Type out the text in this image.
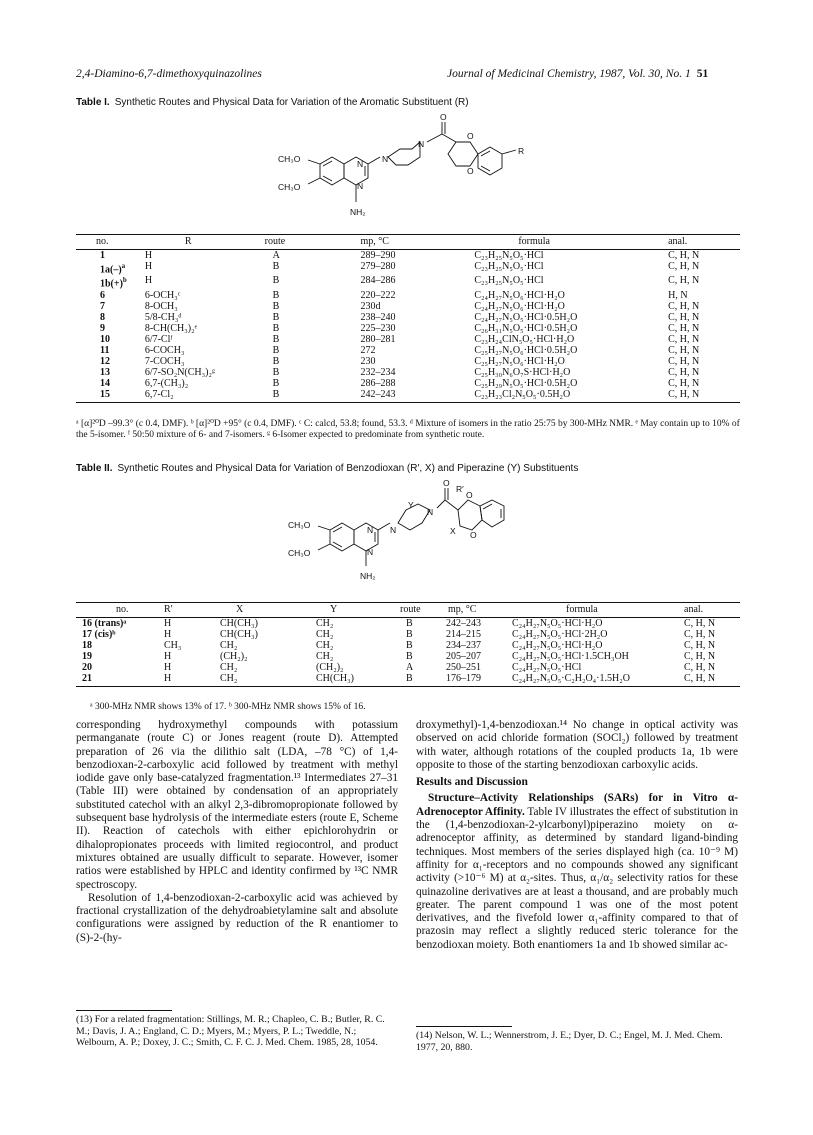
2,4-Diamino-6,7-dimethoxyquinazolines	Journal of Medicinal Chemistry, 1987, Vol. 30, No. 1 51
Table I. Synthetic Routes and Physical Data for Variation of the Aromatic Substituent (R)
CH₃O
CH₃O
NH₂
N
N
N
N
O
O
O
R
no.	R	route	mp, °C	formula	anal.
1	H	A	289–290	C₂₃H₂₅N₅O₅·HCl	C, H, N
$1a(-)^a$	H	B	279–280	C₂₃H₂₅N₅O₅·HCl	C, H, N
$1b(+)^b$	H	B	284–286	C₂₃H₂₅N₅O₅·HCl	C, H, N
6	6-OCH₃ᶜ	B	220–222	C₂₄H₂₇N₅O₆·HCl·H₂O	H, N
7	8-OCH₃	B	230d	C₂₄H₂₇N₅O₆·HCl·H₂O	C, H, N
8	5/8-CH₃ᵈ	B	238–240	C₂₄H₂₇N₅O₅·HCl·0.5H₂O	C, H, N
9	8-CH(CH₃)₂ᵉ	B	225–230	C₂₆H₃₁N₅O₅·HCl·0.5H₂O	C, H, N
10	6/7-Clᶠ	B	280–281	C₂₃H₂₄ClN₅O₅·HCl·H₂O	C, H, N
11	6-COCH₃	B	272	C₂₅H₂₇N₅O₆·HCl·0.5H₂O	C, H, N
12	7-COCH₃	B	230	C₂₅H₂₇N₅O₆·HCl·H₂O	C, H, N
13	6/7-SO₂N(CH₃)₂ᵍ	B	232–234	C₂₅H₃₀N₆O₇S·HCl·H₂O	C, H, N
14	6,7-(CH₃)₂	B	286–288	C₂₅H₂₉N₅O₅·HCl·0.5H₂O	C, H, N
15	6,7-Cl₂	B	242–243	C₂₃H₂₃Cl₂N₅O₅·0.5H₂O	C, H, N
ᵃ [α]²⁰D –99.3° (c 0.4, DMF). ᵇ [α]²⁰D +95° (c 0.4, DMF). ᶜ C: calcd, 53.8; found, 53.3. ᵈ Mixture of isomers in the ratio 25:75 by 300-MHz NMR. ᵉ May contain up to 10% of the 5-isomer. ᶠ 50:50 mixture of 6- and 7-isomers. ᵍ 6-Isomer expected to predominate from synthetic route.
Table II. Synthetic Routes and Physical Data for Variation of Benzodioxan (R′, X) and Piperazine (Y) Substituents
CH₃O
CH₃O
NH₂
N
N
N
N
Y
O
R′
O
X O
no.	R′	X	Y	route	mp, °C	formula	anal.
16 (trans)ᵃ	H	CH(CH₃)	CH₂	B	242–243	C₂₄H₂₇N₅O₅·HCl·H₂O	C, H, N
17 (cis)ᵇ	H	CH(CH₃)	CH₂	B	214–215	C₂₄H₂₇N₅O₅·HCl·2H₂O	C, H, N
18	CH₃	CH₂	CH₂	B	234–237	C₂₄H₂₇N₅O₅·HCl·H₂O	C, H, N
19	H	(CH₂)₂	CH₂	B	205–207	C₂₄H₂₇N₅O₅·HCl·1.5CH₃OH	C, H, N
20	H	CH₂	(CH₂)₂	A	250–251	C₂₄H₂₇N₅O₅·HCl	C, H, N
21	H	CH₂	CH(CH₃)	B	176–179	C₂₄H₂₇N₅O₅·C₂H₂O₄·1.5H₂O	C, H, N
ᵃ 300-MHz NMR shows 13% of 17. ᵇ 300-MHz NMR shows 15% of 16.

corresponding hydroxymethyl compounds with potassium permanganate (route C) or Jones reagent (route D). Attempted preparation of 26 via the dilithio salt (LDA, –78 °C) of 1,4-benzodioxan-2-carboxylic acid followed by treatment with methyl iodide gave only base-catalyzed fragmentation.¹³ Intermediates 27–31 (Table III) were obtained by condensation of an appropriately substituted catechol with an alkyl 2,3-dibromopropionate followed by subsequent base hydrolysis of the intermediate esters (route E, Scheme II). Reaction of catechols with either epichlorohydrin or dihalopropionates proceeds with limited regiocontrol, and product mixtures obtained are usually difficult to separate. However, isomer ratios were established by HPLC and identity confirmed by ¹³C NMR spectroscopy.

Resolution of 1,4-benzodioxan-2-carboxylic acid was achieved by fractional crystallization of the dehydroabietylamine salt and absolute configurations were assigned by reduction of the R enantiomer to (S)-2-(hy-

(13) For a related fragmentation: Stillings, M. R.; Chapleo, C. B.; Butler, R. C. M.; Davis, J. A.; England, C. D.; Myers, M.; Myers, P. L.; Tweddle, N.; Welbourn, A. P.; Doxey, J. C.; Smith, C. F. C. J. Med. Chem. 1985, 28, 1054.

droxymethyl)-1,4-benzodioxan.¹⁴ No change in optical activity was observed on acid chloride formation (SOCl₂) followed by treatment with water, although rotations of the coupled products 1a, 1b were opposite to those of the starting benzodioxan carboxylic acids.

Results and Discussion

Structure–Activity Relationships (SARs) for in Vitro α-Adrenoceptor Affinity. Table IV illustrates the effect of substitution in the (1,4-benzodioxan-2-ylcarbonyl)piperazino moiety on α-adrenoceptor affinity, as determined by standard ligand-binding techniques. Most members of the series displayed high (ca. 10⁻⁹ M) affinity for α₁-receptors and no compounds showed any significant activity (>10⁻⁶ M) at α₂-sites. Thus, α₁/α₂ selectivity ratios for these quinazoline derivatives are at least a thousand, and are probably much greater. The parent compound 1 was one of the most potent derivatives, and the fivefold lower α₁-affinity compared to that of prazosin may reflect a slightly reduced steric tolerance for the benzodioxan moiety. Both enantiomers 1a and 1b showed similar ac-

(14) Nelson, W. L.; Wennerstrom, J. E.; Dyer, D. C.; Engel, M. J. Med. Chem. 1977, 20, 880.
